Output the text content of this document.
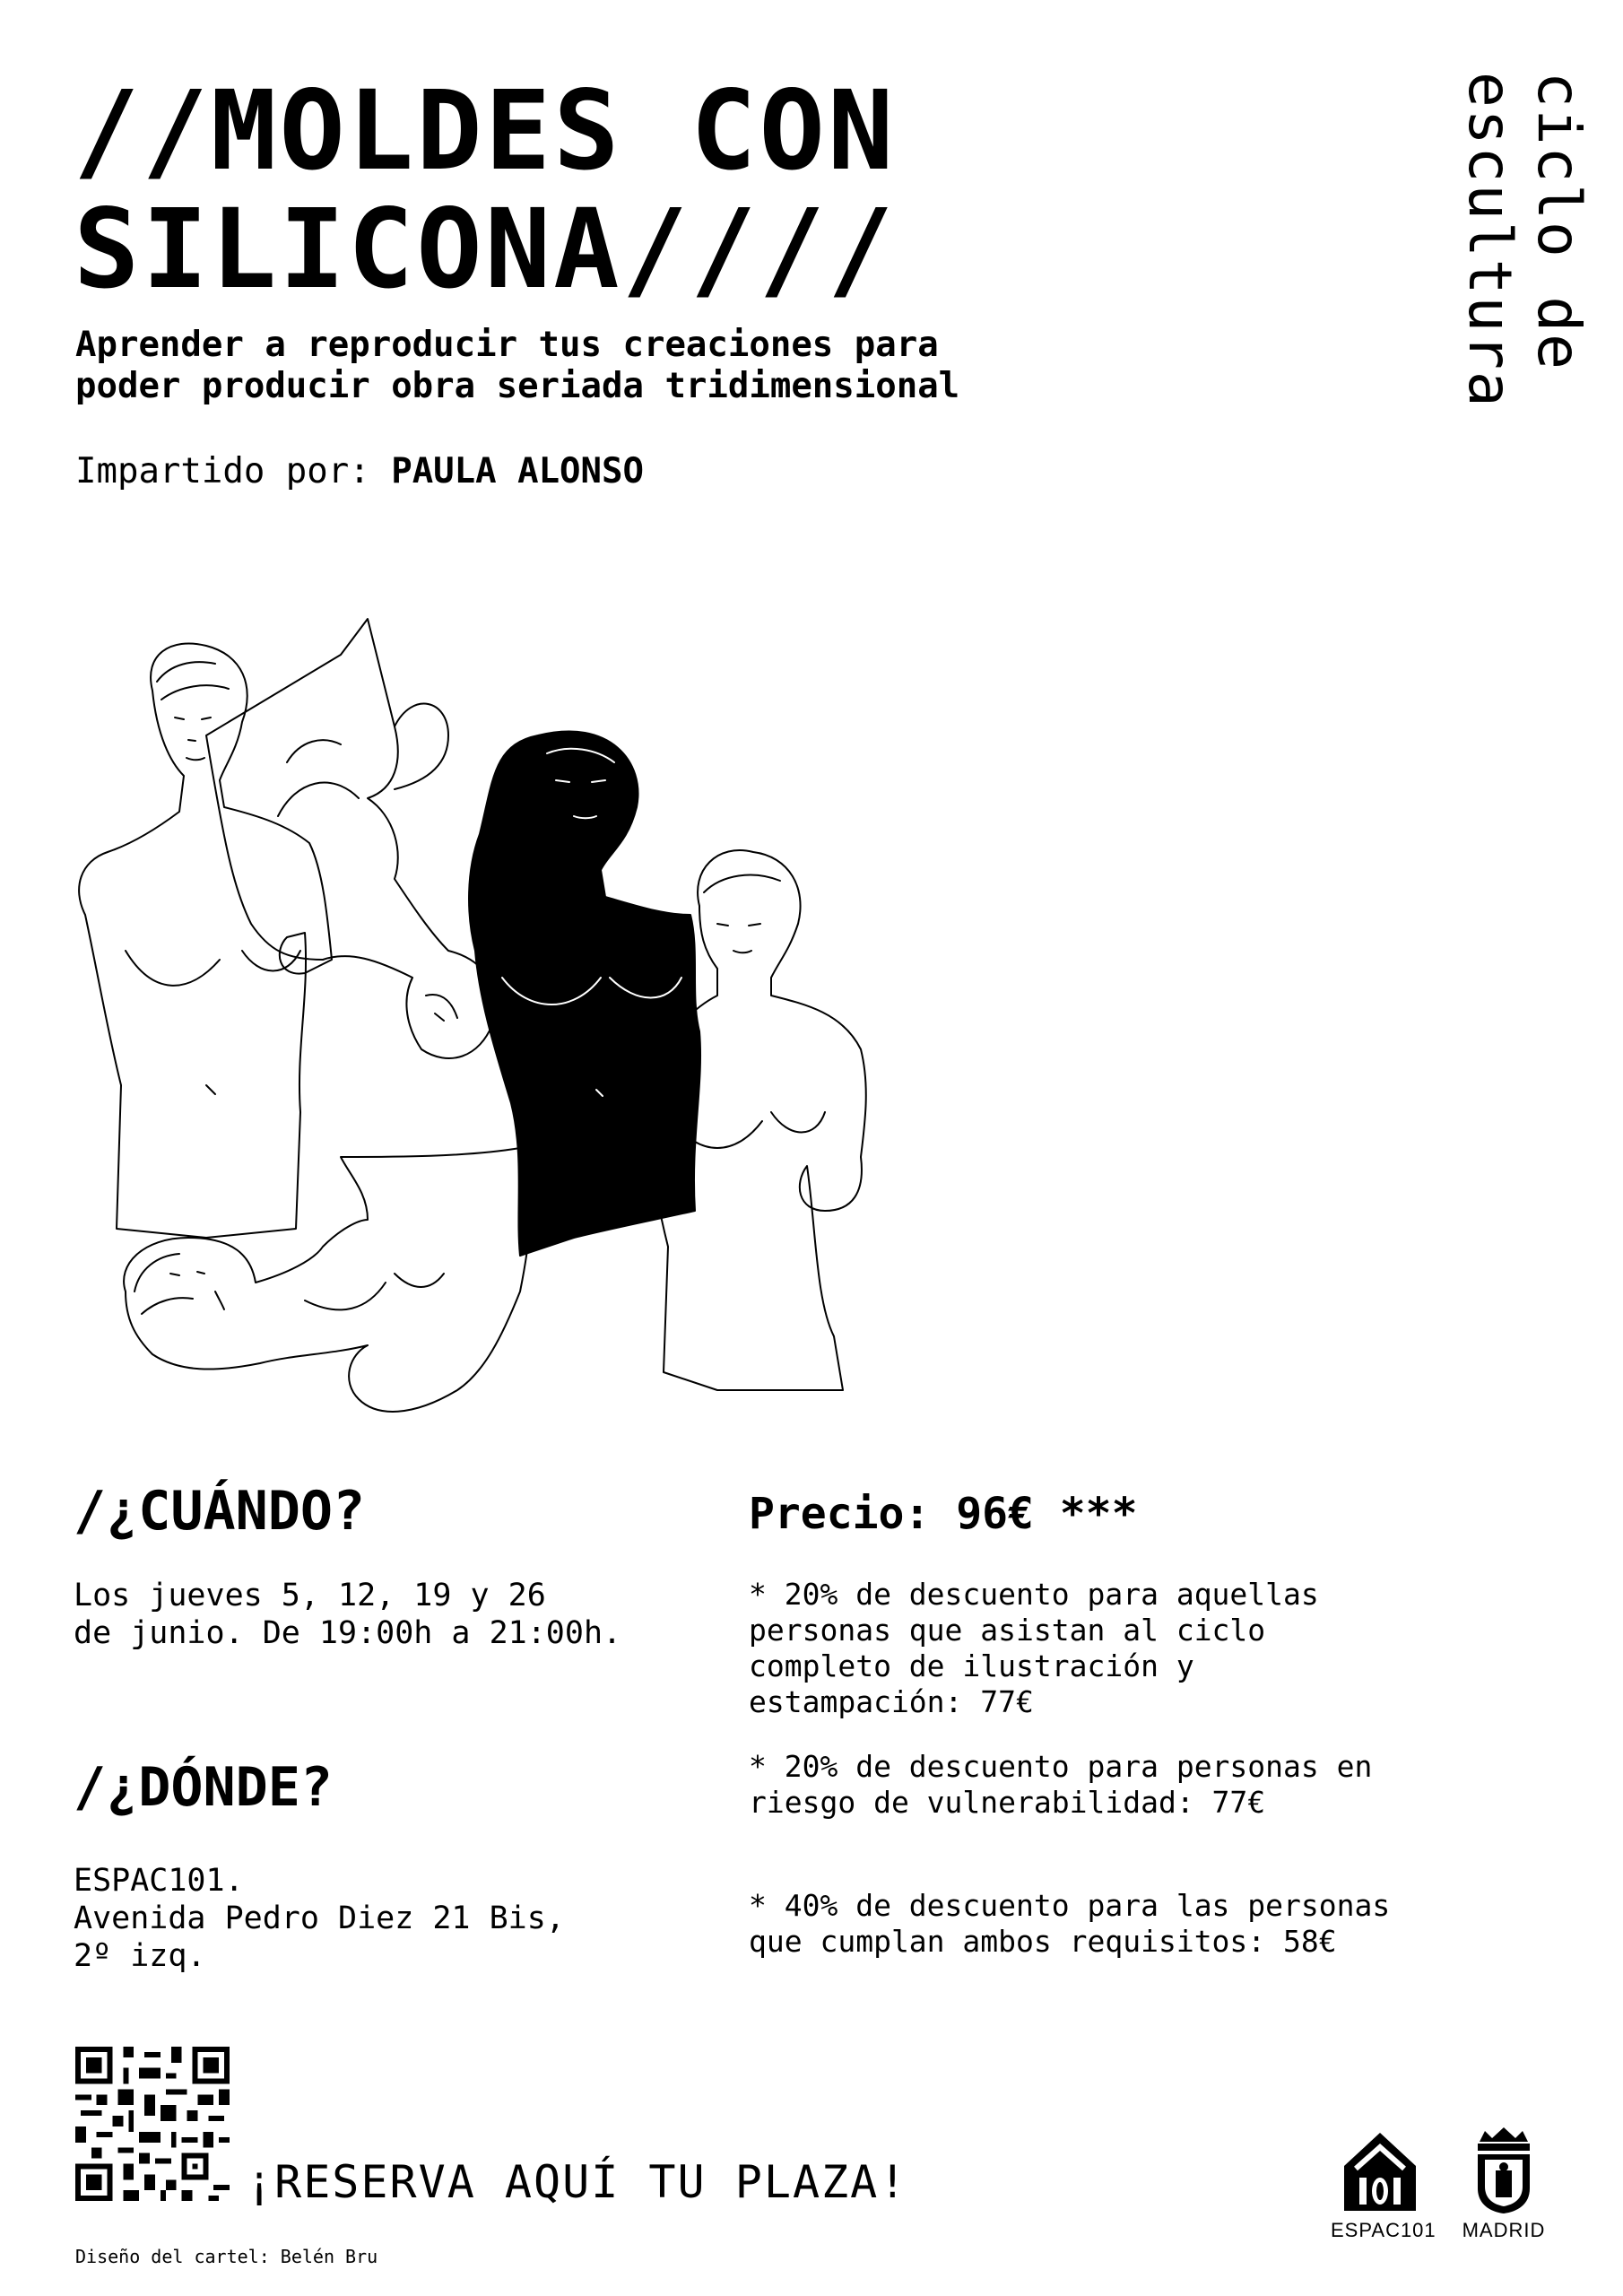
//MOLDES CON
SILICONA////
Aprender a reproducir tus creaciones para
poder producir obra seriada tridimensional
Impartido por: PAULA ALONSO
ciclo de escultura
/¿CUÁNDO?

Los jueves 5, 12, 19 y 26
de junio. De 19:00h a 21:00h.

/¿DÓNDE?

ESPAC101.
Avenida Pedro Diez 21 Bis,
2º izq.

Precio: 96€ ***

* 20% de descuento para aquellas personas que asistan al ciclo completo de ilustración y estampación: 77€

* 20% de descuento para personas en riesgo de vulnerabilidad: 77€

* 40% de descuento para las personas que cumplan ambos requisitos: 58€

¡RESERVA AQUÍ TU PLAZA!
Diseño del cartel: Belén Bru
ESPAC101	MADRID
